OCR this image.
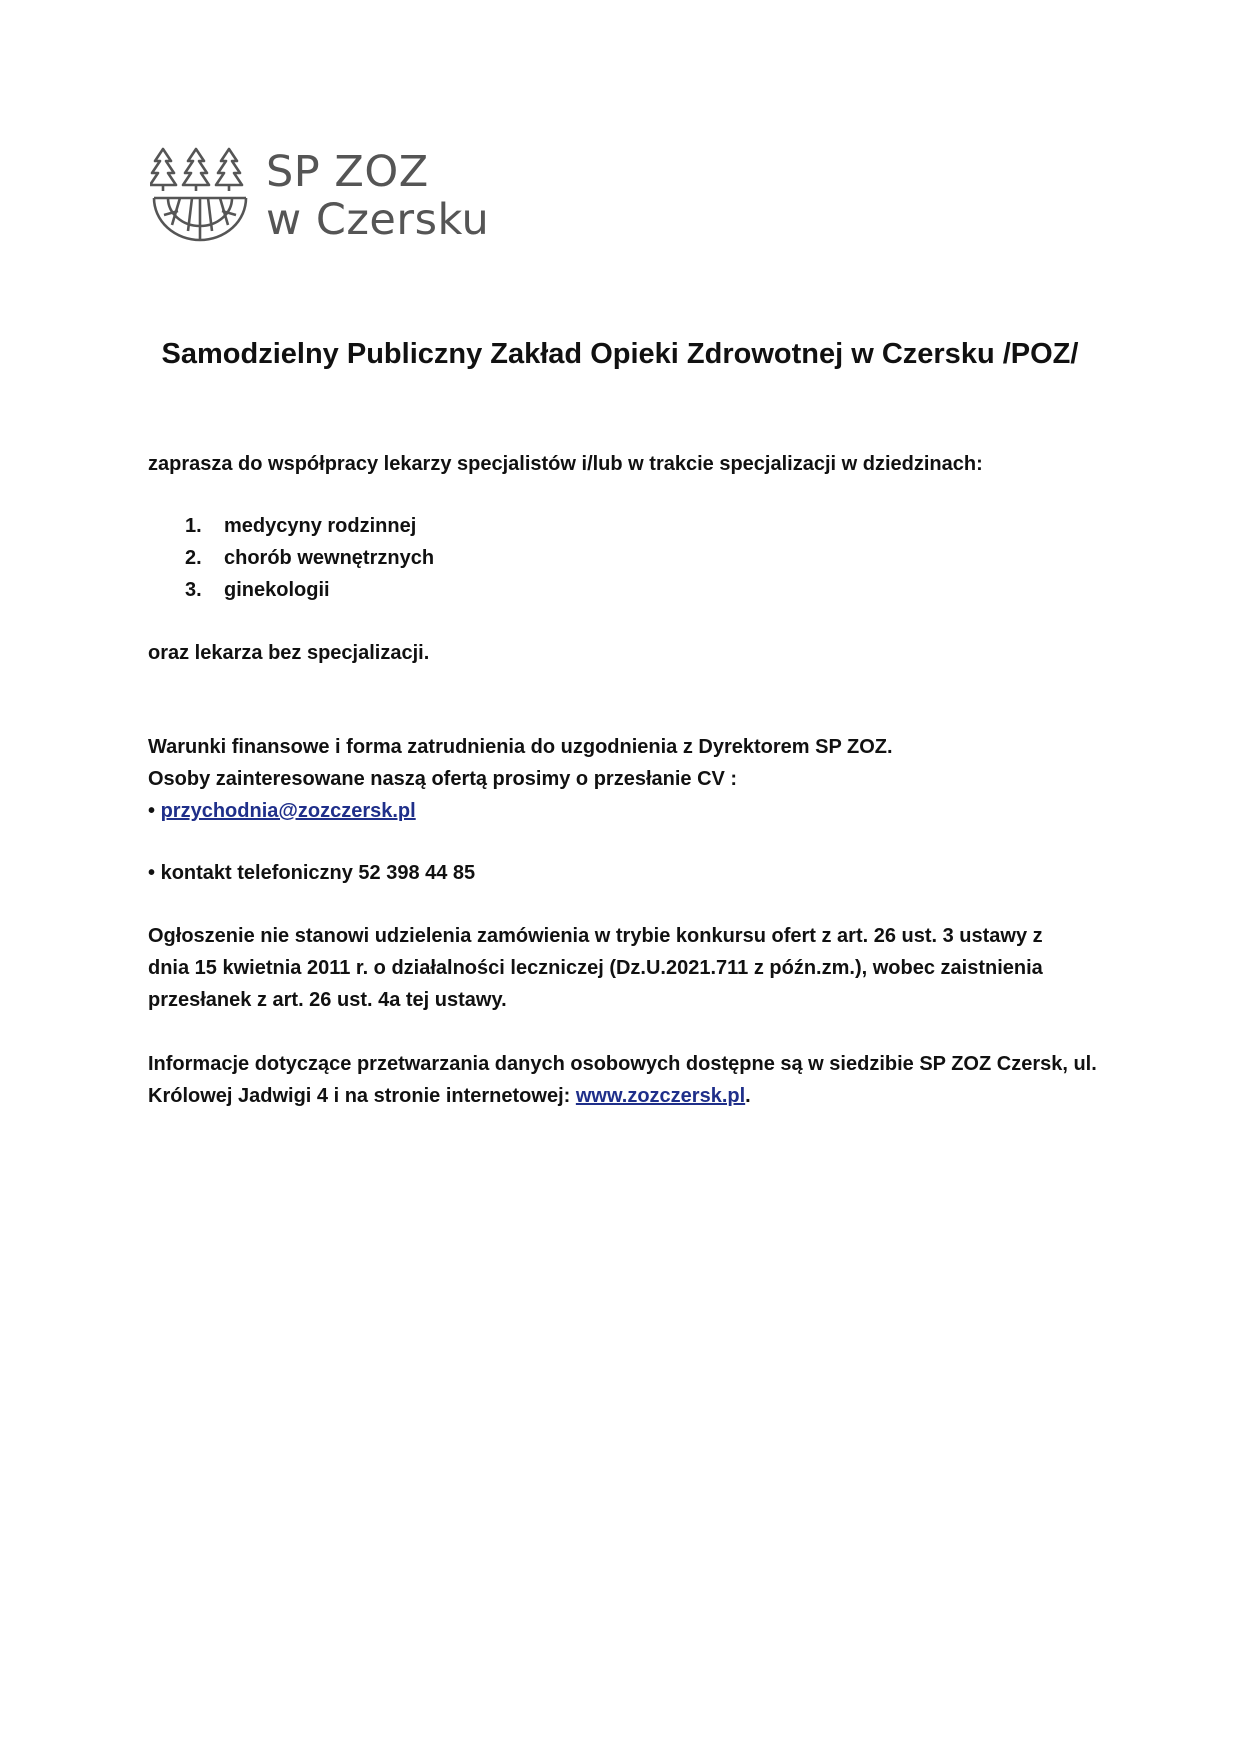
SP ZOZ
w Czersku
Samodzielny Publiczny Zakład Opieki Zdrowotnej w Czersku /POZ/
zaprasza do współpracy lekarzy specjalistów i/lub w trakcie specjalizacji w dziedzinach:
1. medycyny rodzinnej
2. chorób wewnętrznych
3. ginekologii
oraz lekarza bez specjalizacji.
Warunki finansowe i forma zatrudnienia do uzgodnienia z Dyrektorem SP ZOZ.
Osoby zainteresowane naszą ofertą prosimy o przesłanie CV :
• przychodnia@zozczersk.pl
• kontakt telefoniczny 52 398 44 85
Ogłoszenie nie stanowi udzielenia zamówienia w trybie konkursu ofert z art. 26 ust. 3 ustawy z
dnia 15 kwietnia 2011 r. o działalności leczniczej (Dz.U.2021.711 z późn.zm.), wobec zaistnienia
przesłanek z art. 26 ust. 4a tej ustawy.
Informacje dotyczące przetwarzania danych osobowych dostępne są w siedzibie SP ZOZ Czersk, ul.
Królowej Jadwigi 4 i na stronie internetowej: www.zozczersk.pl.
